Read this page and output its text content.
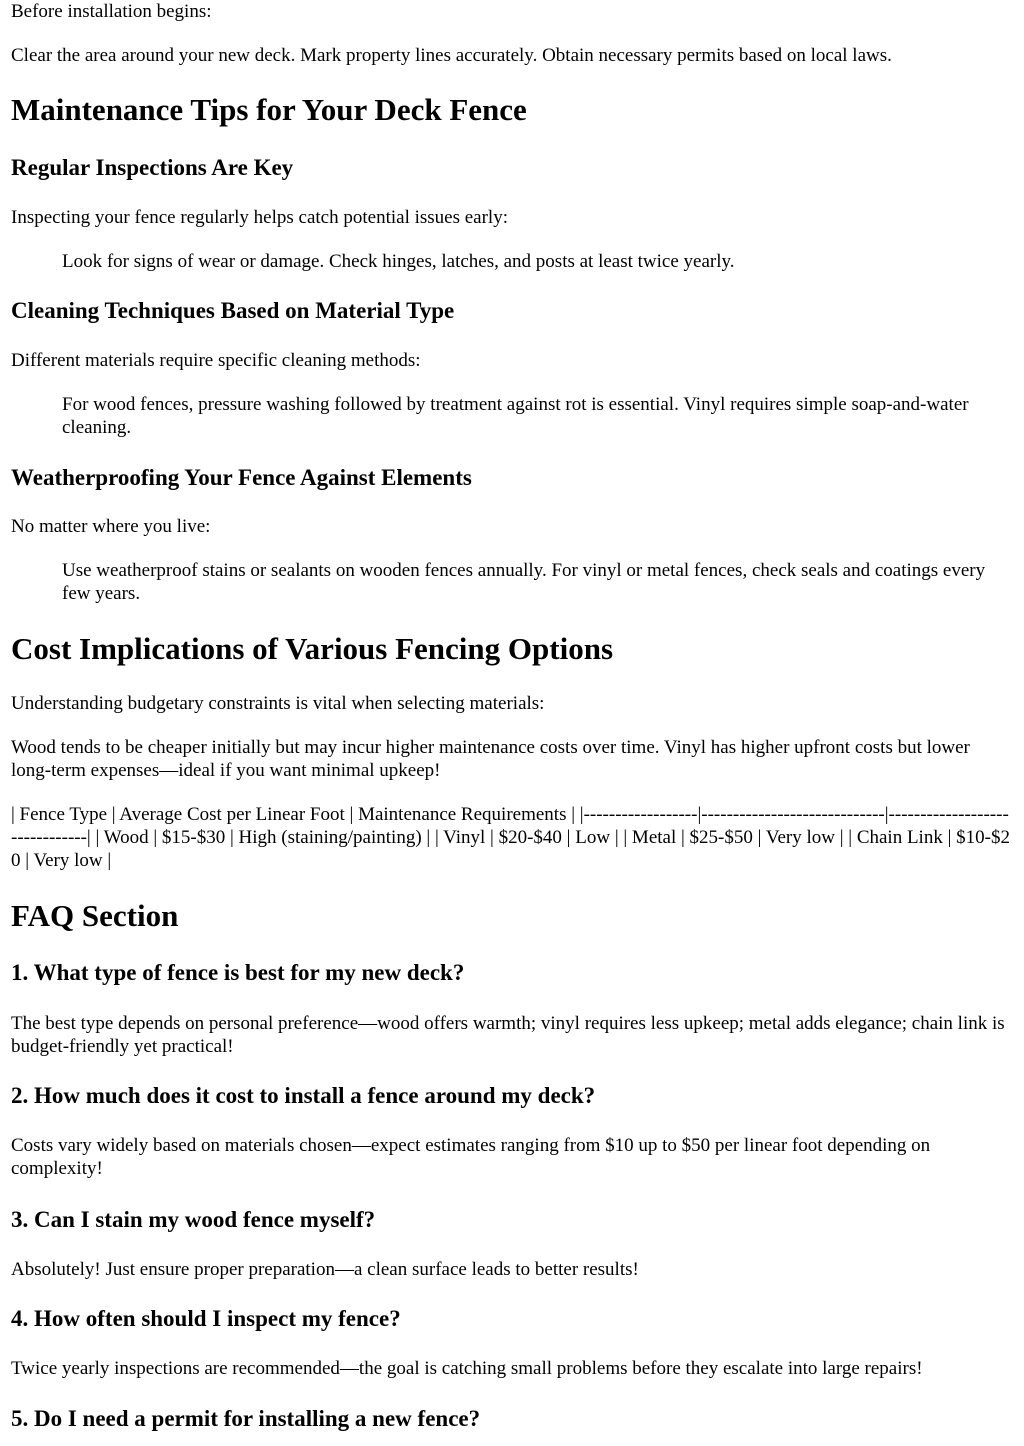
Before installation begins:

Clear the area around your new deck. Mark property lines accurately. Obtain necessary permits based on local laws.

Maintenance Tips for Your Deck Fence
Regular Inspections Are Key

Inspecting your fence regularly helps catch potential issues early:

Look for signs of wear or damage. Check hinges, latches, and posts at least twice yearly.

Cleaning Techniques Based on Material Type

Different materials require specific cleaning methods:

For wood fences, pressure washing followed by treatment against rot is essential. Vinyl requires simple soap-and-water cleaning.

Weatherproofing Your Fence Against Elements

No matter where you live:

Use weatherproof stains or sealants on wooden fences annually. For vinyl or metal fences, check seals and coatings every few years.

Cost Implications of Various Fencing Options

Understanding budgetary constraints is vital when selecting materials:

Wood tends to be cheaper initially but may incur higher maintenance costs over time. Vinyl has higher upfront costs but lower long-term expenses—ideal if you want minimal upkeep!

| Fence Type | Average Cost per Linear Foot | Maintenance Requirements | |------------------|-----------------------------|-------------------------------| | Wood | $15-$30 | High (staining/painting) | | Vinyl | $20-$40 | Low | | Metal | $25-$50 | Very low | | Chain Link | $10-$20 | Very low |

FAQ Section
1. What type of fence is best for my new deck?

The best type depends on personal preference—wood offers warmth; vinyl requires less upkeep; metal adds elegance; chain link is budget-friendly yet practical!

2. How much does it cost to install a fence around my deck?

Costs vary widely based on materials chosen—expect estimates ranging from $10 up to $50 per linear foot depending on complexity!

3. Can I stain my wood fence myself?

Absolutely! Just ensure proper preparation—a clean surface leads to better results!

4. How often should I inspect my fence?

Twice yearly inspections are recommended—the goal is catching small problems before they escalate into large repairs!

5. Do I need a permit for installing a new fence?
